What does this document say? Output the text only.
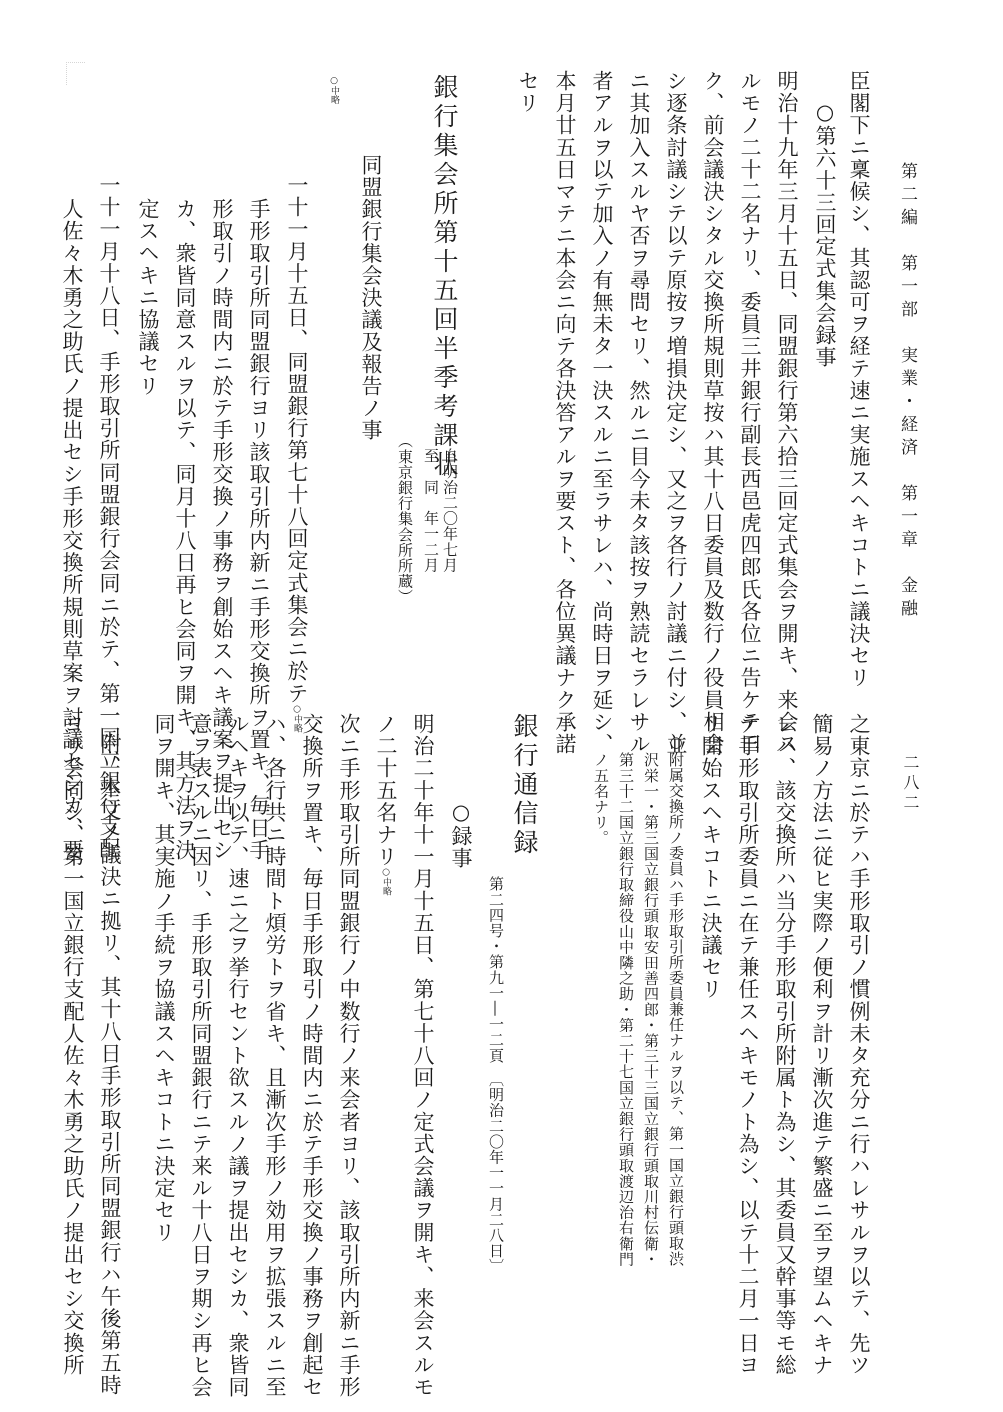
第二編　第一部　実業・経済　第一章　金融
二八二
臣閣下ニ稟候シ、其認可ヲ経テ速ニ実施スヘキコトニ議決セリ
○第六十三回定式集会録事
明治十九年三月十五日、同盟銀行第六拾三回定式集会ヲ開キ、来会ス
ルモノ二十二名ナリ、委員三井銀行副長西邑虎四郎氏各位ニ告ケテ曰
ク、前会議決シタル交換所規則草按ハ其十八日委員及数行ノ役員相会
シ逐条討議シテ以テ原按ヲ増損決定シ、又之ヲ各行ノ討議ニ付シ、並
ニ其加入スルヤ否ヲ尋問セリ、然ルニ目今未タ該按ヲ熟読セラレサル
者アルヲ以テ加入ノ有無未タ一決スルニ至ラサレハ、尚時日ヲ延シ、
本月廿五日マテニ本会ニ向テ各決答アルヲ要スト、各位異議ナク承諾
セリ
銀行集会所第十五回半季考課状
自明治二〇年七月
至　同　年一二月
（東京銀行集会所所蔵）
○中略
同盟銀行集会決議及報告ノ事
一十一月十五日、同盟銀行第七十八回定式集会ニ於テ○中略
手形取引所同盟銀行ヨリ該取引所内新ニ手形交換所ヲ置キ、毎日手
形取引ノ時間内ニ於テ手形交換ノ事務ヲ創始スヘキ議案ヲ提出セシ
カ、衆皆同意スルヲ以テ、同月十八日再ヒ会同ヲ開キ、其方法ヲ決
定スヘキニ協議セリ
一十一月十八日、手形取引所同盟銀行会同ニ於テ、第一国立銀行支配
人佐々木勇之助氏ノ提出セシ手形交換所規則草案ヲ討議セシカ、要
之東京ニ於テハ手形取引ノ慣例未タ充分ニ行ハレサルヲ以テ、先ツ
簡易ノ方法ニ従ヒ実際ノ便利ヲ計リ漸次進テ繁盛ニ至ヲ望ムヘキナ
レハ、該交換所ハ当分手形取引所附属ト為シ、其委員又幹事等モ総
テ手形取引所委員ニ在テ兼任スヘキモノト為シ、以テ十二月一日ヨ
リ開始スヘキコトニ決議セリ
○附属交換所ノ委員ハ手形取引所委員兼任ナルヲ以テ、第一国立銀行頭取渋
沢栄一・第三国立銀行頭取安田善四郎・第三十三国立銀行頭取川村伝衛・
第三十二国立銀行取締役山中隣之助・第二十七国立銀行頭取渡辺治右衛門
ノ五名ナリ。
銀行通信録
第二四号・第九一―一二頁　〔明治二〇年一一月二八日〕
○録事
明治二十年十一月十五日、第七十八回ノ定式会議ヲ開キ、来会スルモ
ノ二十五名ナリ○中略
次ニ手形取引所同盟銀行ノ中数行ノ来会者ヨリ、該取引所内新ニ手形
交換所ヲ置キ、毎日手形取引ノ時間内ニ於テ手形交換ノ事務ヲ創起セ
ハ、各行共ニ時間ト煩労トヲ省キ、且漸次手形ノ効用ヲ拡張スルニ至
ルヘキヲ以テ、速ニ之ヲ挙行セント欲スルノ議ヲ提出セシカ、衆皆同
意ヲ表スルニ因リ、手形取引所同盟銀行ニテ来ル十八日ヲ期シ再ヒ会
同ヲ開キ、其実施ノ手続ヲ協議スヘキコトニ決定セリ
附、本文ノ議決ニ拠リ、其十八日手形取引所同盟銀行ハ午後第五時
ヨリ会同シ、第一国立銀行支配人佐々木勇之助氏ノ提出セシ交換所
